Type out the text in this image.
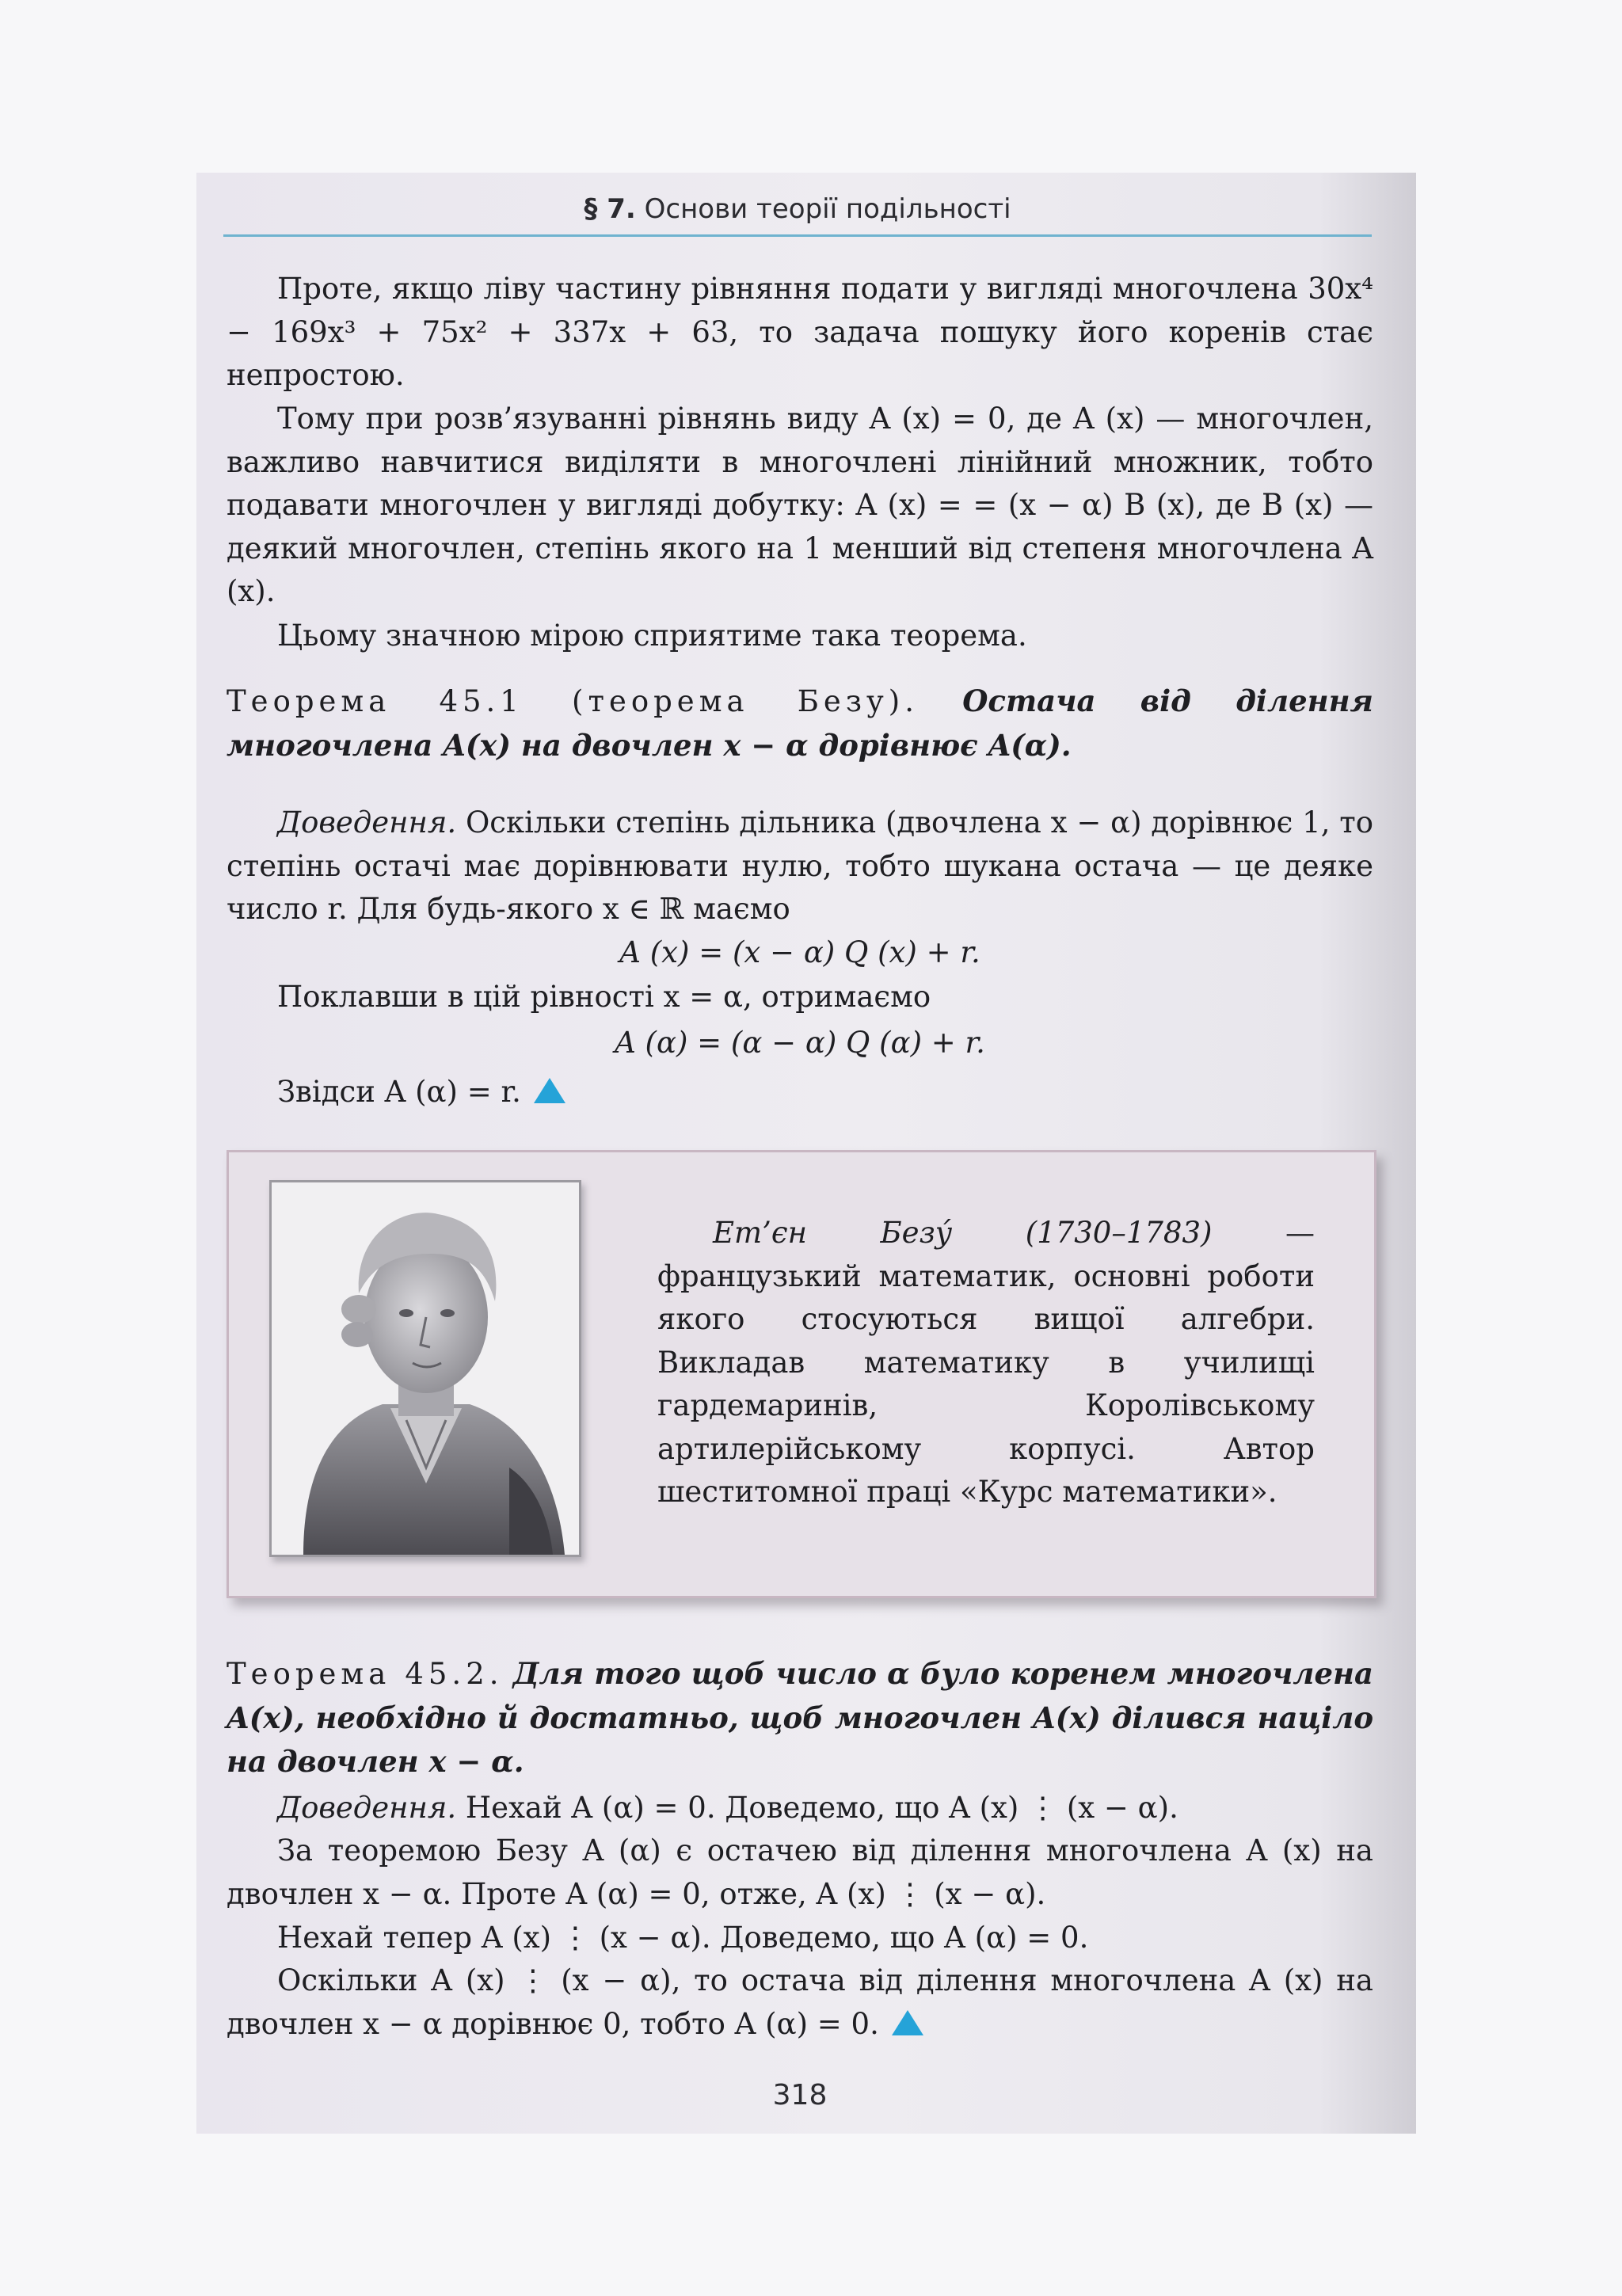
§ 7. Основи теорії подільності
Проте, якщо ліву частину рівняння подати у вигляді многочлена 30x⁴ − 169x³ + 75x² + 337x + 63, то задача пошуку його коренів стає непростою.
Тому при розв’язуванні рівнянь виду A (x) = 0, де A (x) — многочлен, важливо навчитися виділяти в многочлені лінійний множник, тобто подавати многочлен у вигляді добутку: A (x) = = (x − α) B (x), де B (x) — деякий многочлен, степінь якого на 1 менший від степеня многочлена A (x).
Цьому значною мірою сприятиме така теорема.
Теорема 45.1 (теорема Безу). Остача від ділення многочлена A(x) на двочлен x − α дорівнює A(α).
Доведення. Оскільки степінь дільника (двочлена x − α) дорівнює 1, то степінь остачі має дорівнювати нулю, тобто шукана остача — це деяке число r. Для будь-якого x ∈ ℝ маємо
A (x) = (x − α) Q (x) + r.
Поклавши в цій рівності x = α, отримаємо
A (α) = (α − α) Q (α) + r.
Звідси A (α) = r.
Ет’єн Безу́ (1730–1783)	— французький математик, основні роботи якого стосуються вищої алгебри. Викладав математику в училищі гардемаринів, Королівському артилерійському корпусі. Автор шеститомної праці «Курс математики».
Теорема 45.2. Для того щоб число α було коренем многочлена A(x), необхідно й достатньо, щоб многочлен A(x) ділився націло на двочлен x − α.
Доведення. Нехай A (α) = 0. Доведемо, що A (x) ⋮ (x − α).
За теоремою Безу A (α) є остачею від ділення многочлена A (x) на двочлен x − α. Проте A (α) = 0, отже, A (x) ⋮ (x − α).
Нехай тепер A (x) ⋮ (x − α). Доведемо, що A (α) = 0.
Оскільки A (x) ⋮ (x − α), то остача від ділення многочлена A (x) на двочлен x − α дорівнює 0, тобто A (α) = 0.
318
